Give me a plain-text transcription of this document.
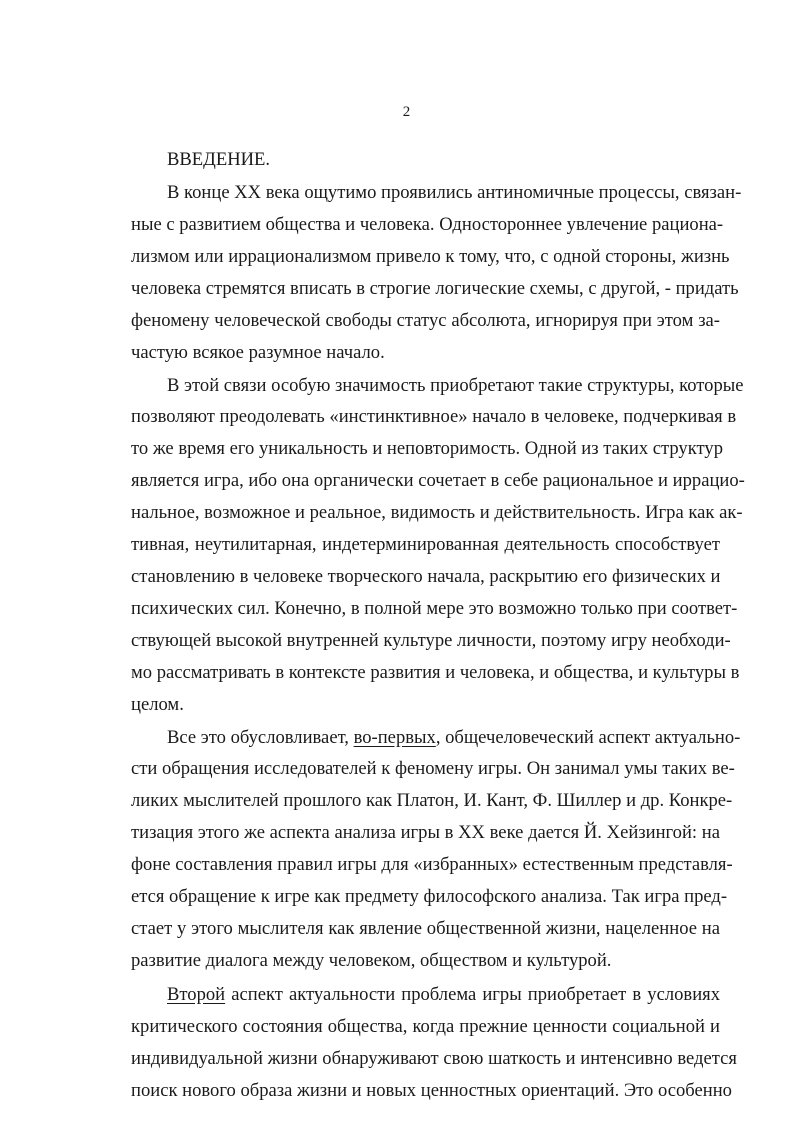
2
ВВЕДЕНИЕ.
В конце XX века ощутимо проявились антиномичные процессы, связан-
ные с развитием общества и человека. Одностороннее увлечение рациона-
лизмом или иррационализмом привело к тому, что, с одной стороны, жизнь
человека стремятся вписать в строгие логические схемы, с другой, - придать
феномену человеческой свободы статус абсолюта, игнорируя при этом за-
частую всякое разумное начало.
В этой связи особую значимость приобретают такие структуры, которые
позволяют преодолевать «инстинктивное» начало в человеке, подчеркивая в
то же время его уникальность и неповторимость. Одной из таких структур
является игра, ибо она органически сочетает в себе рациональное и иррацио-
нальное, возможное и реальное, видимость и действительность. Игра как ак-
тивная, неутилитарная, индетерминированная деятельность способствует
становлению в человеке творческого начала, раскрытию его физических и
психических сил. Конечно, в полной мере это возможно только при соответ-
ствующей высокой внутренней культуре личности, поэтому игру необходи-
мо рассматривать в контексте развития и человека, и общества, и культуры в
целом.
Все это обусловливает, во-первых, общечеловеческий аспект актуально-
сти обращения исследователей к феномену игры. Он занимал умы таких ве-
ликих мыслителей прошлого как Платон, И. Кант, Ф. Шиллер и др. Конкре-
тизация этого же аспекта анализа игры в XX веке дается Й. Хейзингой: на
фоне составления правил игры для «избранных» естественным представля-
ется обращение к игре как предмету философского анализа. Так игра пред-
стает у этого мыслителя как явление общественной жизни, нацеленное на
развитие диалога между человеком, обществом и культурой.
Второй аспект актуальности проблема игры приобретает в условиях
критического состояния общества, когда прежние ценности социальной и
индивидуальной жизни обнаруживают свою шаткость и интенсивно ведется
поиск нового образа жизни и новых ценностных ориентаций. Это особенно
